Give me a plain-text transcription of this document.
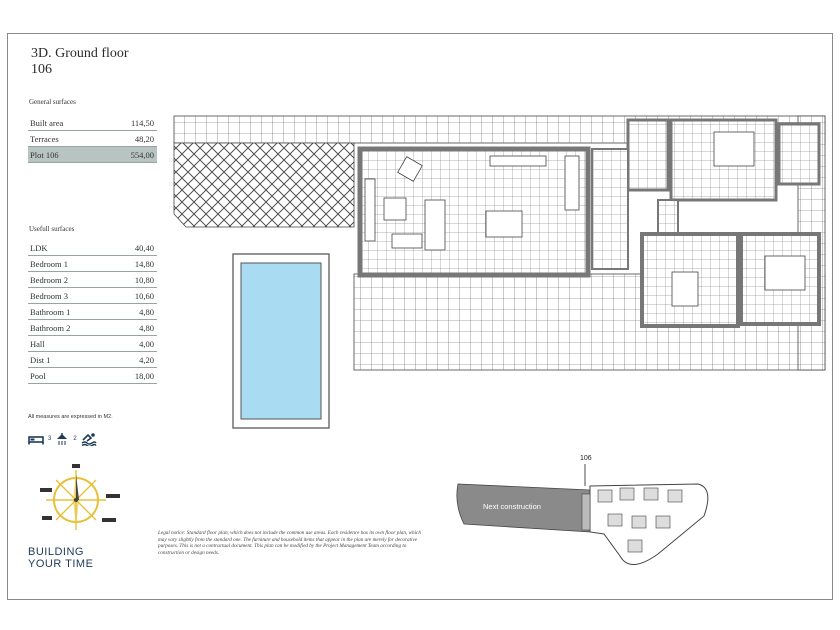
3D. Ground floor
106
General surfaces
Built area	114,50
Terraces	48,20
Plot 106	554,00
Usefull surfaces
LDK	40,40
Bedroom 1	14,80
Bedroom 2	10,80
Bedroom 3	10,60
Bathroom 1	4,80
Bathroom 2	4,80
Hall	4,00
Dist 1	4,20
Pool	18,00
All measures are expressed in M2.
3	2
BUILDING
YOUR TIME
Legal notice: Standard floor plan, which does not include the common use areas. Each residence has its own floor plan, which may vary slightly from the standard one. The furniture and household items that appear in the plan are merely for decorative purposes. This is not a contractual document. This plan can be modified by the Project Management Team according to construction or design needs.
106
Next construction
